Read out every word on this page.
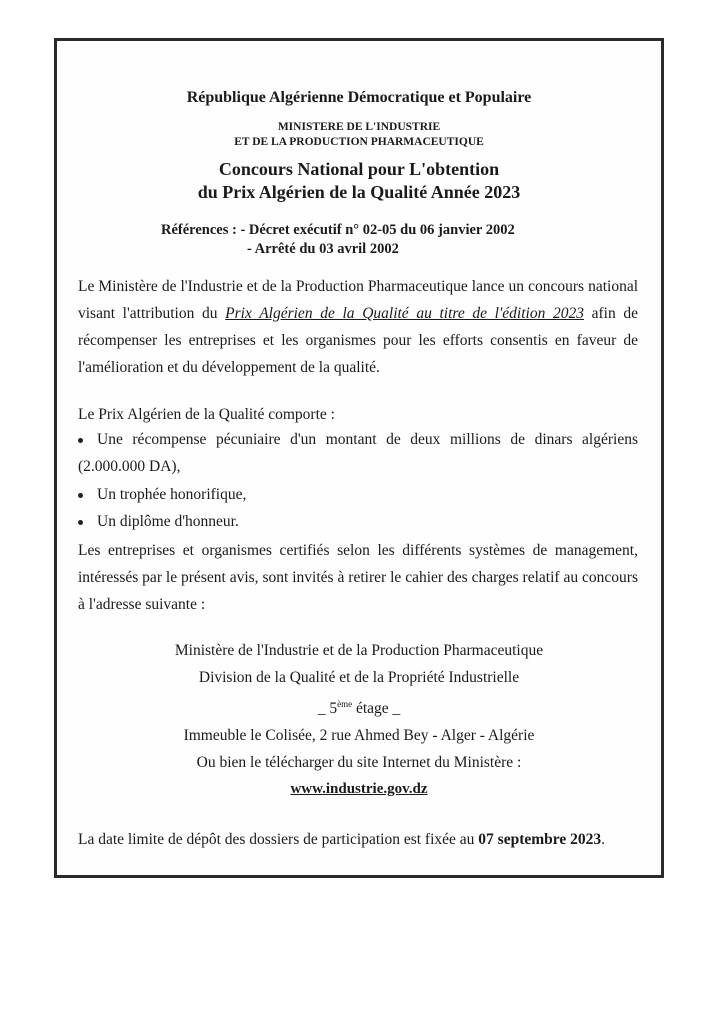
République Algérienne Démocratique et Populaire
MINISTERE DE L'INDUSTRIE
ET DE LA PRODUCTION PHARMACEUTIQUE
Concours National pour L'obtention
du Prix Algérien de la Qualité Année 2023
Références : - Décret exécutif n° 02-05 du 06 janvier 2002
- Arrêté du 03 avril 2002
Le Ministère de l'Industrie et de la Production Pharmaceutique lance un concours national visant l'attribution du Prix Algérien de la Qualité au titre de l'édition 2023 afin de récompenser les entreprises et les organismes pour les efforts consentis en faveur de l'amélioration et du développement de la qualité.
Le Prix Algérien de la Qualité comporte :
Une récompense pécuniaire d'un montant de deux millions de dinars algériens (2.000.000 DA),
Un trophée honorifique,
Un diplôme d'honneur.
Les entreprises et organismes certifiés selon les différents systèmes de management, intéressés par le présent avis, sont invités à retirer le cahier des charges relatif au concours à l'adresse suivante :
Ministère de l'Industrie et de la Production Pharmaceutique
Division de la Qualité et de la Propriété Industrielle
_ 5ème étage _
Immeuble le Colisée, 2 rue Ahmed Bey - Alger - Algérie
Ou bien le télécharger du site Internet du Ministère :
www.industrie.gov.dz
La date limite de dépôt des dossiers de participation est fixée au 07 septembre 2023.
